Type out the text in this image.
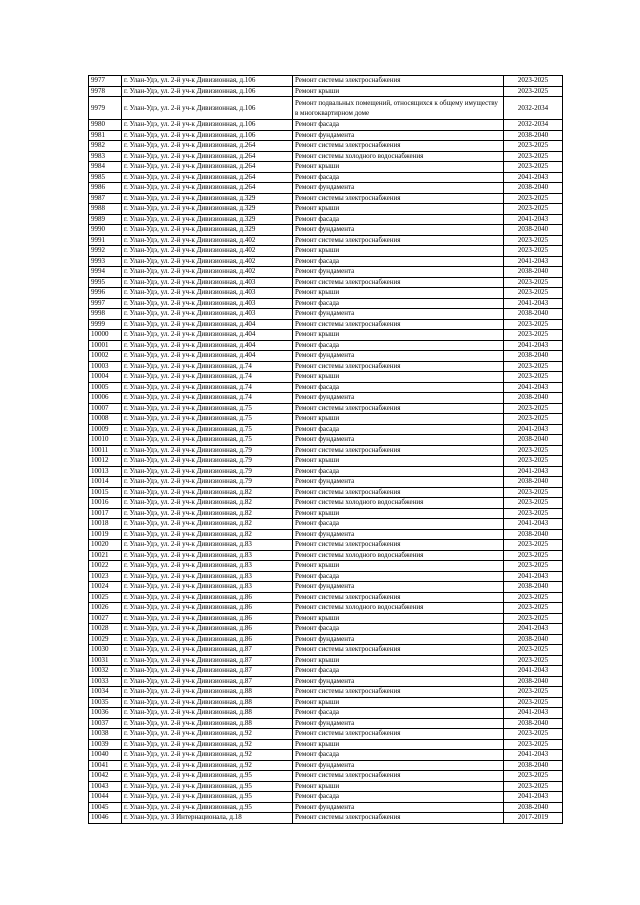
9977	г. Улан-Удэ, ул. 2-й уч-к Дивизионная, д.106	Ремонт системы электроснабжения	2023-2025
9978	г. Улан-Удэ, ул. 2-й уч-к Дивизионная, д.106	Ремонт крыши	2023-2025
9979	г. Улан-Удэ, ул. 2-й уч-к Дивизионная, д.106	Ремонт подвальных помещений, относящихся к общему имуществу в многоквартирном доме	2032-2034
9980	г. Улан-Удэ, ул. 2-й уч-к Дивизионная, д.106	Ремонт фасада	2032-2034
9981	г. Улан-Удэ, ул. 2-й уч-к Дивизионная, д.106	Ремонт фундамента	2038-2040
9982	г. Улан-Удэ, ул. 2-й уч-к Дивизионная, д.264	Ремонт системы электроснабжения	2023-2025
9983	г. Улан-Удэ, ул. 2-й уч-к Дивизионная, д.264	Ремонт системы холодного водоснабжения	2023-2025
9984	г. Улан-Удэ, ул. 2-й уч-к Дивизионная, д.264	Ремонт крыши	2023-2025
9985	г. Улан-Удэ, ул. 2-й уч-к Дивизионная, д.264	Ремонт фасада	2041-2043
9986	г. Улан-Удэ, ул. 2-й уч-к Дивизионная, д.264	Ремонт фундамента	2038-2040
9987	г. Улан-Удэ, ул. 2-й уч-к Дивизионная, д.329	Ремонт системы электроснабжения	2023-2025
9988	г. Улан-Удэ, ул. 2-й уч-к Дивизионная, д.329	Ремонт крыши	2023-2025
9989	г. Улан-Удэ, ул. 2-й уч-к Дивизионная, д.329	Ремонт фасада	2041-2043
9990	г. Улан-Удэ, ул. 2-й уч-к Дивизионная, д.329	Ремонт фундамента	2038-2040
9991	г. Улан-Удэ, ул. 2-й уч-к Дивизионная, д.402	Ремонт системы электроснабжения	2023-2025
9992	г. Улан-Удэ, ул. 2-й уч-к Дивизионная, д.402	Ремонт крыши	2023-2025
9993	г. Улан-Удэ, ул. 2-й уч-к Дивизионная, д.402	Ремонт фасада	2041-2043
9994	г. Улан-Удэ, ул. 2-й уч-к Дивизионная, д.402	Ремонт фундамента	2038-2040
9995	г. Улан-Удэ, ул. 2-й уч-к Дивизионная, д.403	Ремонт системы электроснабжения	2023-2025
9996	г. Улан-Удэ, ул. 2-й уч-к Дивизионная, д.403	Ремонт крыши	2023-2025
9997	г. Улан-Удэ, ул. 2-й уч-к Дивизионная, д.403	Ремонт фасада	2041-2043
9998	г. Улан-Удэ, ул. 2-й уч-к Дивизионная, д.403	Ремонт фундамента	2038-2040
9999	г. Улан-Удэ, ул. 2-й уч-к Дивизионная, д.404	Ремонт системы электроснабжения	2023-2025
10000	г. Улан-Удэ, ул. 2-й уч-к Дивизионная, д.404	Ремонт крыши	2023-2025
10001	г. Улан-Удэ, ул. 2-й уч-к Дивизионная, д.404	Ремонт фасада	2041-2043
10002	г. Улан-Удэ, ул. 2-й уч-к Дивизионная, д.404	Ремонт фундамента	2038-2040
10003	г. Улан-Удэ, ул. 2-й уч-к Дивизионная, д.74	Ремонт системы электроснабжения	2023-2025
10004	г. Улан-Удэ, ул. 2-й уч-к Дивизионная, д.74	Ремонт крыши	2023-2025
10005	г. Улан-Удэ, ул. 2-й уч-к Дивизионная, д.74	Ремонт фасада	2041-2043
10006	г. Улан-Удэ, ул. 2-й уч-к Дивизионная, д.74	Ремонт фундамента	2038-2040
10007	г. Улан-Удэ, ул. 2-й уч-к Дивизионная, д.75	Ремонт системы электроснабжения	2023-2025
10008	г. Улан-Удэ, ул. 2-й уч-к Дивизионная, д.75	Ремонт крыши	2023-2025
10009	г. Улан-Удэ, ул. 2-й уч-к Дивизионная, д.75	Ремонт фасада	2041-2043
10010	г. Улан-Удэ, ул. 2-й уч-к Дивизионная, д.75	Ремонт фундамента	2038-2040
10011	г. Улан-Удэ, ул. 2-й уч-к Дивизионная, д.79	Ремонт системы электроснабжения	2023-2025
10012	г. Улан-Удэ, ул. 2-й уч-к Дивизионная, д.79	Ремонт крыши	2023-2025
10013	г. Улан-Удэ, ул. 2-й уч-к Дивизионная, д.79	Ремонт фасада	2041-2043
10014	г. Улан-Удэ, ул. 2-й уч-к Дивизионная, д.79	Ремонт фундамента	2038-2040
10015	г. Улан-Удэ, ул. 2-й уч-к Дивизионная, д.82	Ремонт системы электроснабжения	2023-2025
10016	г. Улан-Удэ, ул. 2-й уч-к Дивизионная, д.82	Ремонт системы холодного водоснабжения	2023-2025
10017	г. Улан-Удэ, ул. 2-й уч-к Дивизионная, д.82	Ремонт крыши	2023-2025
10018	г. Улан-Удэ, ул. 2-й уч-к Дивизионная, д.82	Ремонт фасада	2041-2043
10019	г. Улан-Удэ, ул. 2-й уч-к Дивизионная, д.82	Ремонт фундамента	2038-2040
10020	г. Улан-Удэ, ул. 2-й уч-к Дивизионная, д.83	Ремонт системы электроснабжения	2023-2025
10021	г. Улан-Удэ, ул. 2-й уч-к Дивизионная, д.83	Ремонт системы холодного водоснабжения	2023-2025
10022	г. Улан-Удэ, ул. 2-й уч-к Дивизионная, д.83	Ремонт крыши	2023-2025
10023	г. Улан-Удэ, ул. 2-й уч-к Дивизионная, д.83	Ремонт фасада	2041-2043
10024	г. Улан-Удэ, ул. 2-й уч-к Дивизионная, д.83	Ремонт фундамента	2038-2040
10025	г. Улан-Удэ, ул. 2-й уч-к Дивизионная, д.86	Ремонт системы электроснабжения	2023-2025
10026	г. Улан-Удэ, ул. 2-й уч-к Дивизионная, д.86	Ремонт системы холодного водоснабжения	2023-2025
10027	г. Улан-Удэ, ул. 2-й уч-к Дивизионная, д.86	Ремонт крыши	2023-2025
10028	г. Улан-Удэ, ул. 2-й уч-к Дивизионная, д.86	Ремонт фасада	2041-2043
10029	г. Улан-Удэ, ул. 2-й уч-к Дивизионная, д.86	Ремонт фундамента	2038-2040
10030	г. Улан-Удэ, ул. 2-й уч-к Дивизионная, д.87	Ремонт системы электроснабжения	2023-2025
10031	г. Улан-Удэ, ул. 2-й уч-к Дивизионная, д.87	Ремонт крыши	2023-2025
10032	г. Улан-Удэ, ул. 2-й уч-к Дивизионная, д.87	Ремонт фасада	2041-2043
10033	г. Улан-Удэ, ул. 2-й уч-к Дивизионная, д.87	Ремонт фундамента	2038-2040
10034	г. Улан-Удэ, ул. 2-й уч-к Дивизионная, д.88	Ремонт системы электроснабжения	2023-2025
10035	г. Улан-Удэ, ул. 2-й уч-к Дивизионная, д.88	Ремонт крыши	2023-2025
10036	г. Улан-Удэ, ул. 2-й уч-к Дивизионная, д.88	Ремонт фасада	2041-2043
10037	г. Улан-Удэ, ул. 2-й уч-к Дивизионная, д.88	Ремонт фундамента	2038-2040
10038	г. Улан-Удэ, ул. 2-й уч-к Дивизионная, д.92	Ремонт системы электроснабжения	2023-2025
10039	г. Улан-Удэ, ул. 2-й уч-к Дивизионная, д.92	Ремонт крыши	2023-2025
10040	г. Улан-Удэ, ул. 2-й уч-к Дивизионная, д.92	Ремонт фасада	2041-2043
10041	г. Улан-Удэ, ул. 2-й уч-к Дивизионная, д.92	Ремонт фундамента	2038-2040
10042	г. Улан-Удэ, ул. 2-й уч-к Дивизионная, д.95	Ремонт системы электроснабжения	2023-2025
10043	г. Улан-Удэ, ул. 2-й уч-к Дивизионная, д.95	Ремонт крыши	2023-2025
10044	г. Улан-Удэ, ул. 2-й уч-к Дивизионная, д.95	Ремонт фасада	2041-2043
10045	г. Улан-Удэ, ул. 2-й уч-к Дивизионная, д.95	Ремонт фундамента	2038-2040
10046	г. Улан-Удэ, ул. 3 Интернационала, д.18	Ремонт системы электроснабжения	2017-2019
